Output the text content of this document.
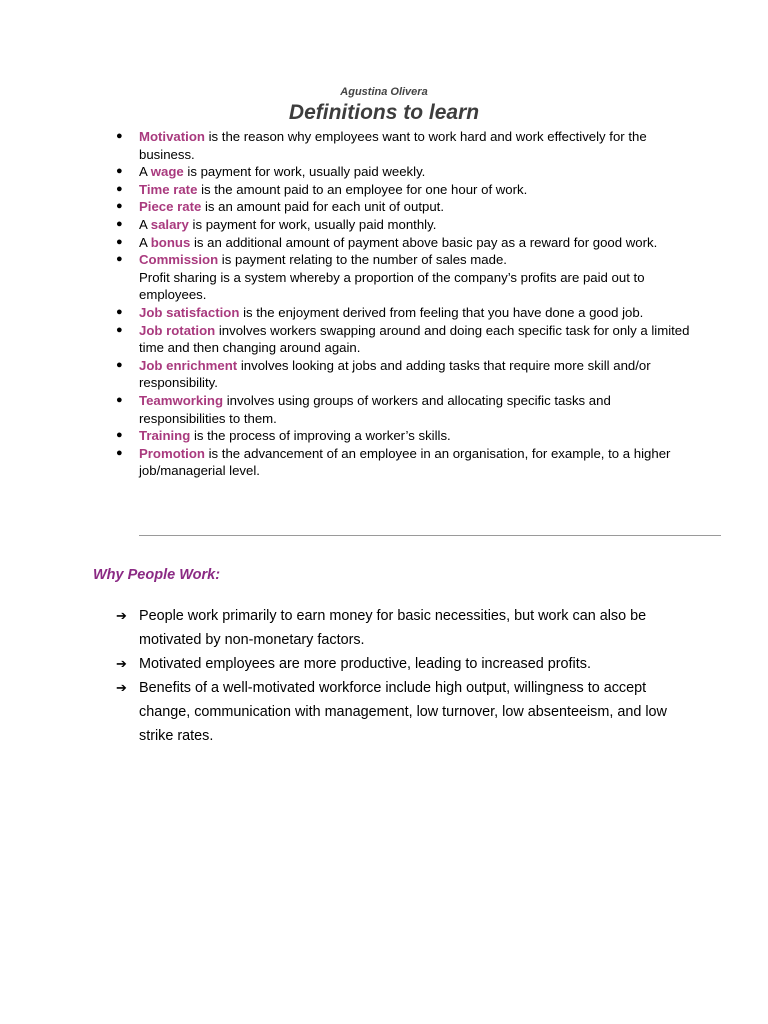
Agustina Olivera
Definitions to learn
● Motivation is the reason why employees want to work hard and work effectively for the business.
● A wage is payment for work, usually paid weekly.
● Time rate is the amount paid to an employee for one hour of work.
● Piece rate is an amount paid for each unit of output.
● A salary is payment for work, usually paid monthly.
● A bonus is an additional amount of payment above basic pay as a reward for good work.
● Commission is payment relating to the number of sales made.
Profit sharing is a system whereby a proportion of the company’s profits are paid out to employees.
● Job satisfaction is the enjoyment derived from feeling that you have done a good job.
● Job rotation involves workers swapping around and doing each specific task for only a limited time and then changing around again.
● Job enrichment involves looking at jobs and adding tasks that require more skill and/or responsibility.
● Teamworking involves using groups of workers and allocating specific tasks and responsibilities to them.
● Training is the process of improving a worker’s skills.
● Promotion is the advancement of an employee in an organisation, for example, to a higher job/managerial level.
Why People Work:
➔ People work primarily to earn money for basic necessities, but work can also be motivated by non-monetary factors.
➔ Motivated employees are more productive, leading to increased profits.
➔ Benefits of a well-motivated workforce include high output, willingness to accept change, communication with management, low turnover, low absenteeism, and low strike rates.
